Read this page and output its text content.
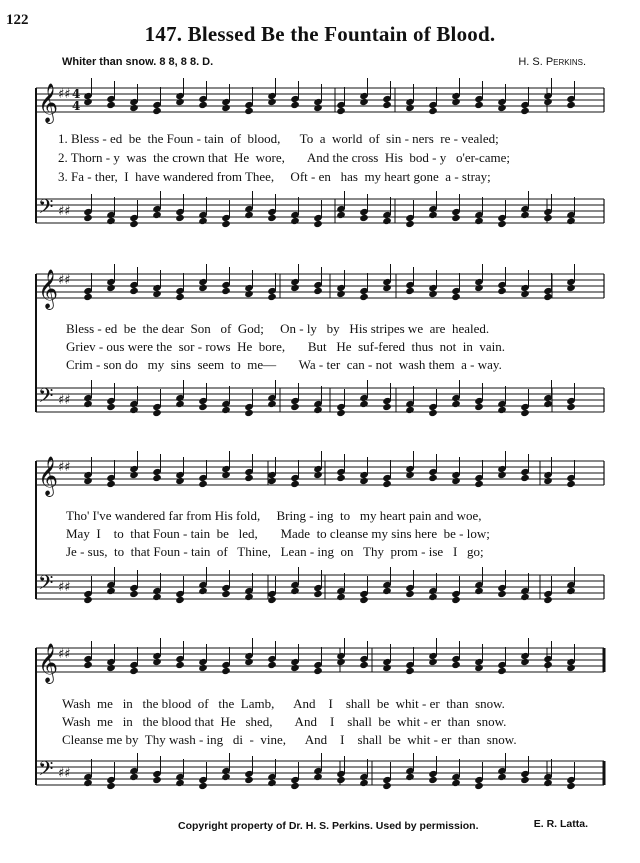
122
147. Blessed Be the Fountain of Blood.
Whiter than snow. 8 8, 8 8. D.	H. S. Perkins.
𝄞 ♯♯
𝄢 ♯♯
𝄞 ♯♯
𝄢 ♯♯
𝄞 ♯♯
𝄢 ♯♯
𝄞 ♯♯
𝄢 ♯♯
4
4
1. Bless - ed  be  the Foun - tain  of  blood,      To  a  world  of  sin - ners  re - vealed;
2. Thorn - y  was  the crown that  He  wore,       And the cross  His  bod - y   o'er-came;
3. Fa - ther,  I  have wandered from Thee,     Oft - en   has  my heart gone  a - stray;
Bless - ed  be  the dear  Son   of  God;     On - ly   by   His stripes we  are  healed.
Griev - ous were the  sor - rows  He  bore,       But   He  suf-fered  thus  not  in  vain.
Crim - son do   my  sins  seem  to  me—       Wa - ter  can - not  wash them  a - way.
Tho' I've wandered far from His fold,     Bring - ing  to   my heart pain and woe,
May  I    to  that Foun - tain  be   led,       Made  to cleanse my sins here  be - low;
Je - sus,  to  that Foun - tain  of   Thine,   Lean - ing  on   Thy  prom - ise   I   go;
Wash  me   in   the blood  of   the  Lamb,      And    I    shall  be  whit - er  than  snow.
Wash  me   in   the blood that  He   shed,       And    I    shall  be  whit - er  than  snow.
Cleanse me by  Thy wash - ing   di  -  vine,      And    I    shall  be  whit - er  than  snow.
Copyright property of Dr. H. S. Perkins. Used by permission.	E. R. Latta.
